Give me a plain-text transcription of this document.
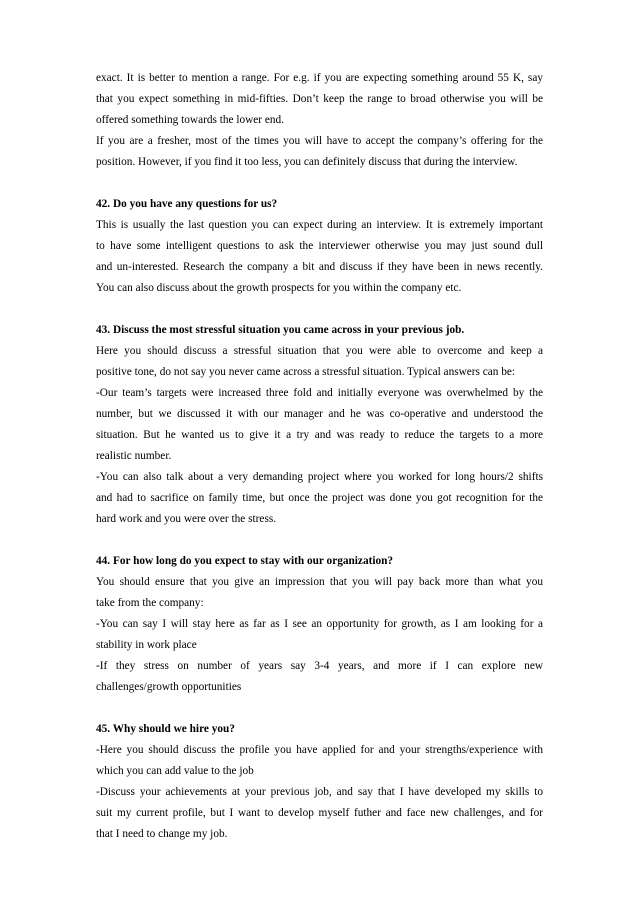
exact. It is better to mention a range. For e.g. if you are expecting something around 55 K, say
that you expect something in mid-fifties. Don’t keep the range to broad otherwise you will be
offered something towards the lower end.
If you are a fresher, most of the times you will have to accept the company’s offering for the
position. However, if you find it too less, you can definitely discuss that during the interview.
42. Do you have any questions for us?
This is usually the last question you can expect during an interview. It is extremely important
to have some intelligent questions to ask the interviewer otherwise you may just sound dull
and un-interested. Research the company a bit and discuss if they have been in news recently.
You can also discuss about the growth prospects for you within the company etc.
43. Discuss the most stressful situation you came across in your previous job.
Here you should discuss a stressful situation that you were able to overcome and keep a
positive tone, do not say you never came across a stressful situation. Typical answers can be:
-Our team’s targets were increased three fold and initially everyone was overwhelmed by the
number, but we discussed it with our manager and he was co-operative and understood the
situation. But he wanted us to give it a try and was ready to reduce the targets to a more
realistic number.
-You can also talk about a very demanding project where you worked for long hours/2 shifts
and had to sacrifice on family time, but once the project was done you got recognition for the
hard work and you were over the stress.
44. For how long do you expect to stay with our organization?
You should ensure that you give an impression that you will pay back more than what you
take from the company:
-You can say I will stay here as far as I see an opportunity for growth, as I am looking for a
stability in work place
-If they stress on number of years say 3-4 years, and more if I can explore new
challenges/growth opportunities
45. Why should we hire you?
-Here you should discuss the profile you have applied for and your strengths/experience with
which you can add value to the job
-Discuss your achievements at your previous job, and say that I have developed my skills to
suit my current profile, but I want to develop myself futher and face new challenges, and for
that I need to change my job.
